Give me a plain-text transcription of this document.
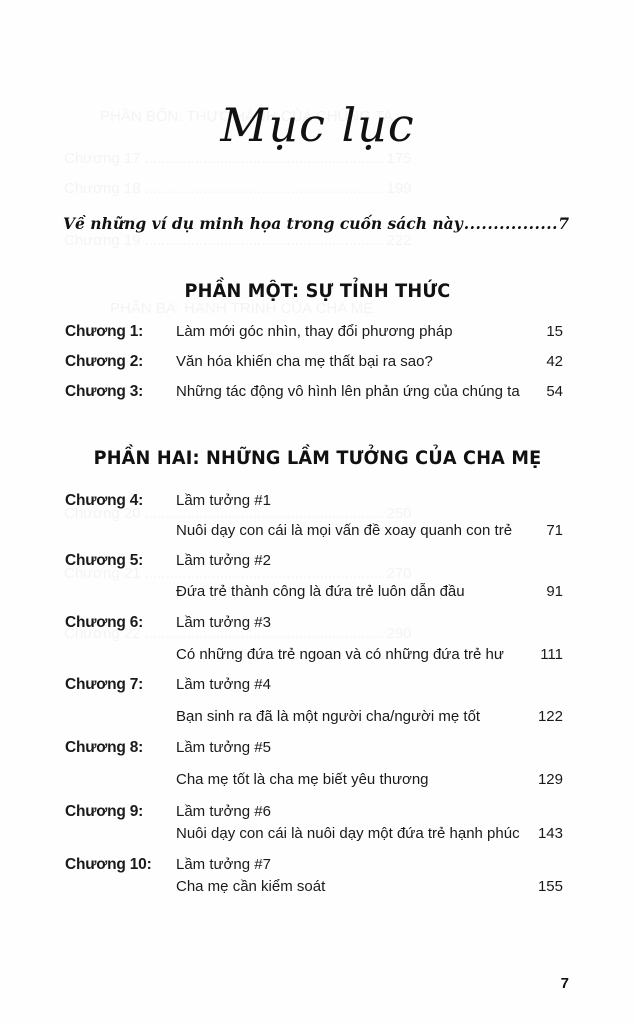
Mục lục
Về những ví dụ minh họa trong cuốn sách này .....	7
PHẦN MỘT: SỰ TỈNH THỨC
Chương 1: Làm mới góc nhìn, thay đổi phương pháp	15
Chương 2: Văn hóa khiến cha mẹ thất bại ra sao?	42
Chương 3: Những tác động vô hình lên phản ứng của chúng ta 54
PHẦN HAI: NHỮNG LẦM TƯỞNG CỦA CHA MẸ
Chương 4: Lầm tưởng #1
Nuôi dạy con cái là mọi vấn đề xoay quanh con trẻ 71
Chương 5: Lầm tưởng #2
Đứa trẻ thành công là đứa trẻ luôn dẫn đầu	91
Chương 6: Lầm tưởng #3
Có những đứa trẻ ngoan và có những đứa trẻ hư 111
Chương 7: Lầm tưởng #4
Bạn sinh ra đã là một người cha/người mẹ tốt	122
Chương 8: Lầm tưởng #5
Cha mẹ tốt là cha mẹ biết yêu thương	129
Chương 9: Lầm tưởng #6
Nuôi dạy con cái là nuôi dạy một đứa trẻ hạnh phúc 143
Chương 10: Lầm tưởng #7
Cha mẹ cần kiểm soát	155
7
